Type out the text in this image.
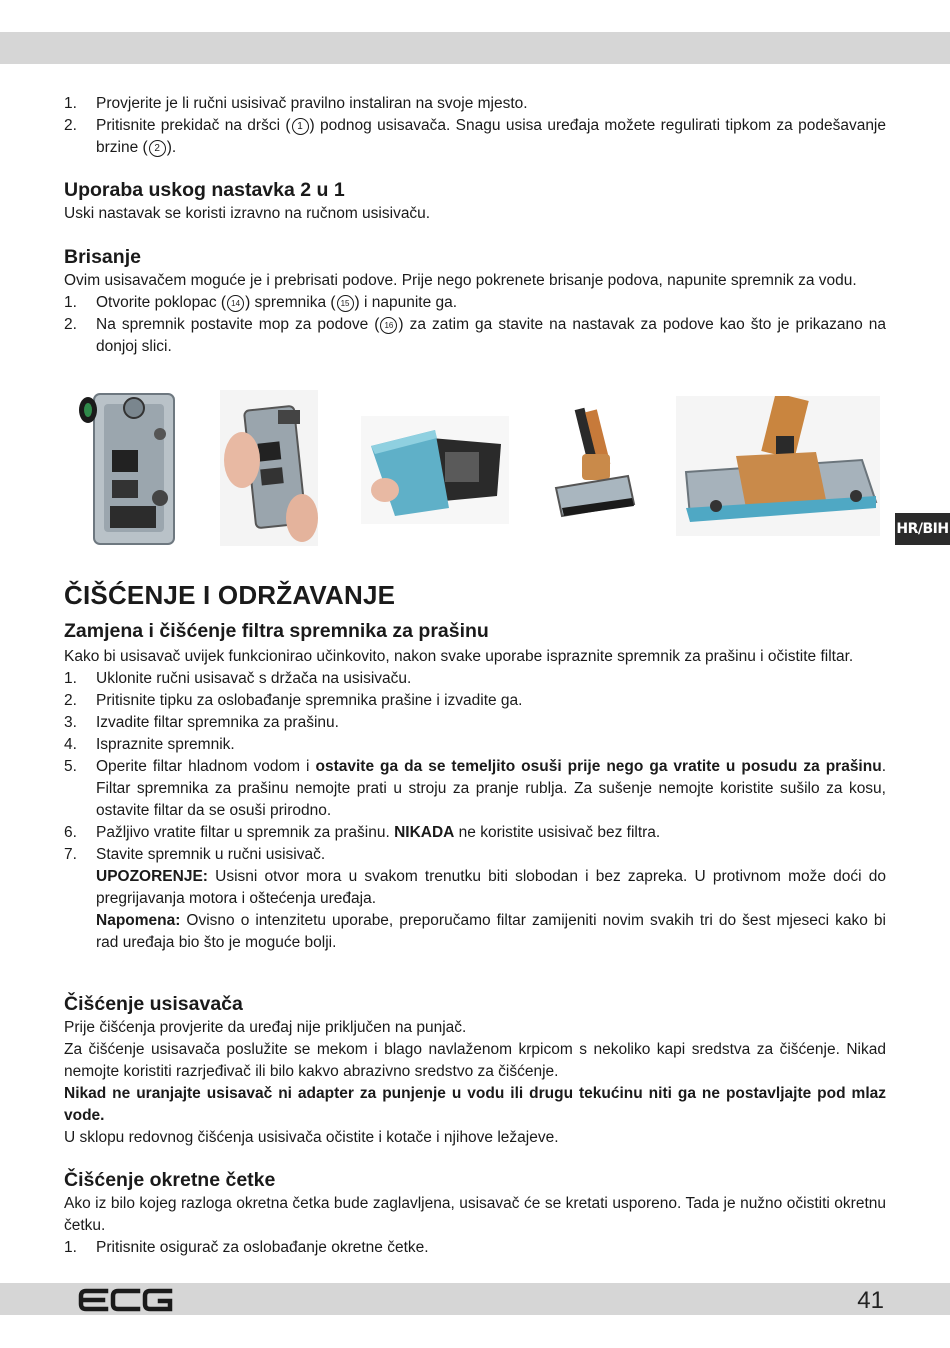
1. Provjerite je li ručni usisivač pravilno instaliran na svoje mjesto.
2. Pritisnite prekidač na dršci ( 1 ) podnog usisavača. Snagu usisa uređaja možete regulirati tipkom za podešavanje brzine ( 2 ).
Uporaba uskog nastavka 2 u 1

Uski nastavak se koristi izravno na ručnom usisivaču.

Brisanje

Ovim usisavačem moguće je i prebrisati podove. Prije nego pokrenete brisanje podova, napunite spremnik za vodu.

1. Otvorite poklopac ( 14 ) spremnika ( 15 ) i napunite ga.
2. Na spremnik postavite mop za podove ( 16 ) za zatim ga stavite na nastavak za podove kao što je prikazano na donjoj slici.
HR/BIH
ČIŠĆENJE I ODRŽAVANJE
Zamjena i čišćenje filtra spremnika za prašinu

Kako bi usisavač uvijek funkcionirao učinkovito, nakon svake uporabe ispraznite spremnik za prašinu i očistite filtar.

1. Uklonite ručni usisavač s držača na usisivaču.
2. Pritisnite tipku za oslobađanje spremnika prašine i izvadite ga.
3. Izvadite filtar spremnika za prašinu.
4. Ispraznite spremnik.
5. Operite filtar hladnom vodom i ostavite ga da se temeljito osuši prije nego ga vratite u posudu za prašinu. Filtar spremnika za prašinu nemojte prati u stroju za pranje rublja. Za sušenje nemojte koristite sušilo za kosu, ostavite filtar da se osuši prirodno.
6. Pažljivo vratite filtar u spremnik za prašinu. NIKADA ne koristite usisivač bez filtra.
7. Stavite spremnik u ručni usisivač.
UPOZORENJE: Usisni otvor mora u svakom trenutku biti slobodan i bez zapreka. U protivnom može doći do pregrijavanja motora i oštećenja uređaja.
Napomena: Ovisno o intenzitetu uporabe, preporučamo filtar zamijeniti novim svakih tri do šest mjeseci kako bi rad uređaja bio što je moguće bolji.
Čišćenje usisavača

Prije čišćenja provjerite da uređaj nije priključen na punjač.

Za čišćenje usisavača poslužite se mekom i blago navlaženom krpicom s nekoliko kapi sredstva za čišćenje. Nikad nemojte koristiti razrjeđivač ili bilo kakvo abrazivno sredstvo za čišćenje.

Nikad ne uranjajte usisavač ni adapter za punjenje u vodu ili drugu tekućinu niti ga ne postavljajte pod mlaz vode.

U sklopu redovnog čišćenja usisivača očistite i kotače i njihove ležajeve.

Čišćenje okretne četke

Ako iz bilo kojeg razloga okretna četka bude zaglavljena, usisavač će se kretati usporeno. Tada je nužno očistiti okretnu četku.

1. Pritisnite osigurač za oslobađanje okretne četke.
41
